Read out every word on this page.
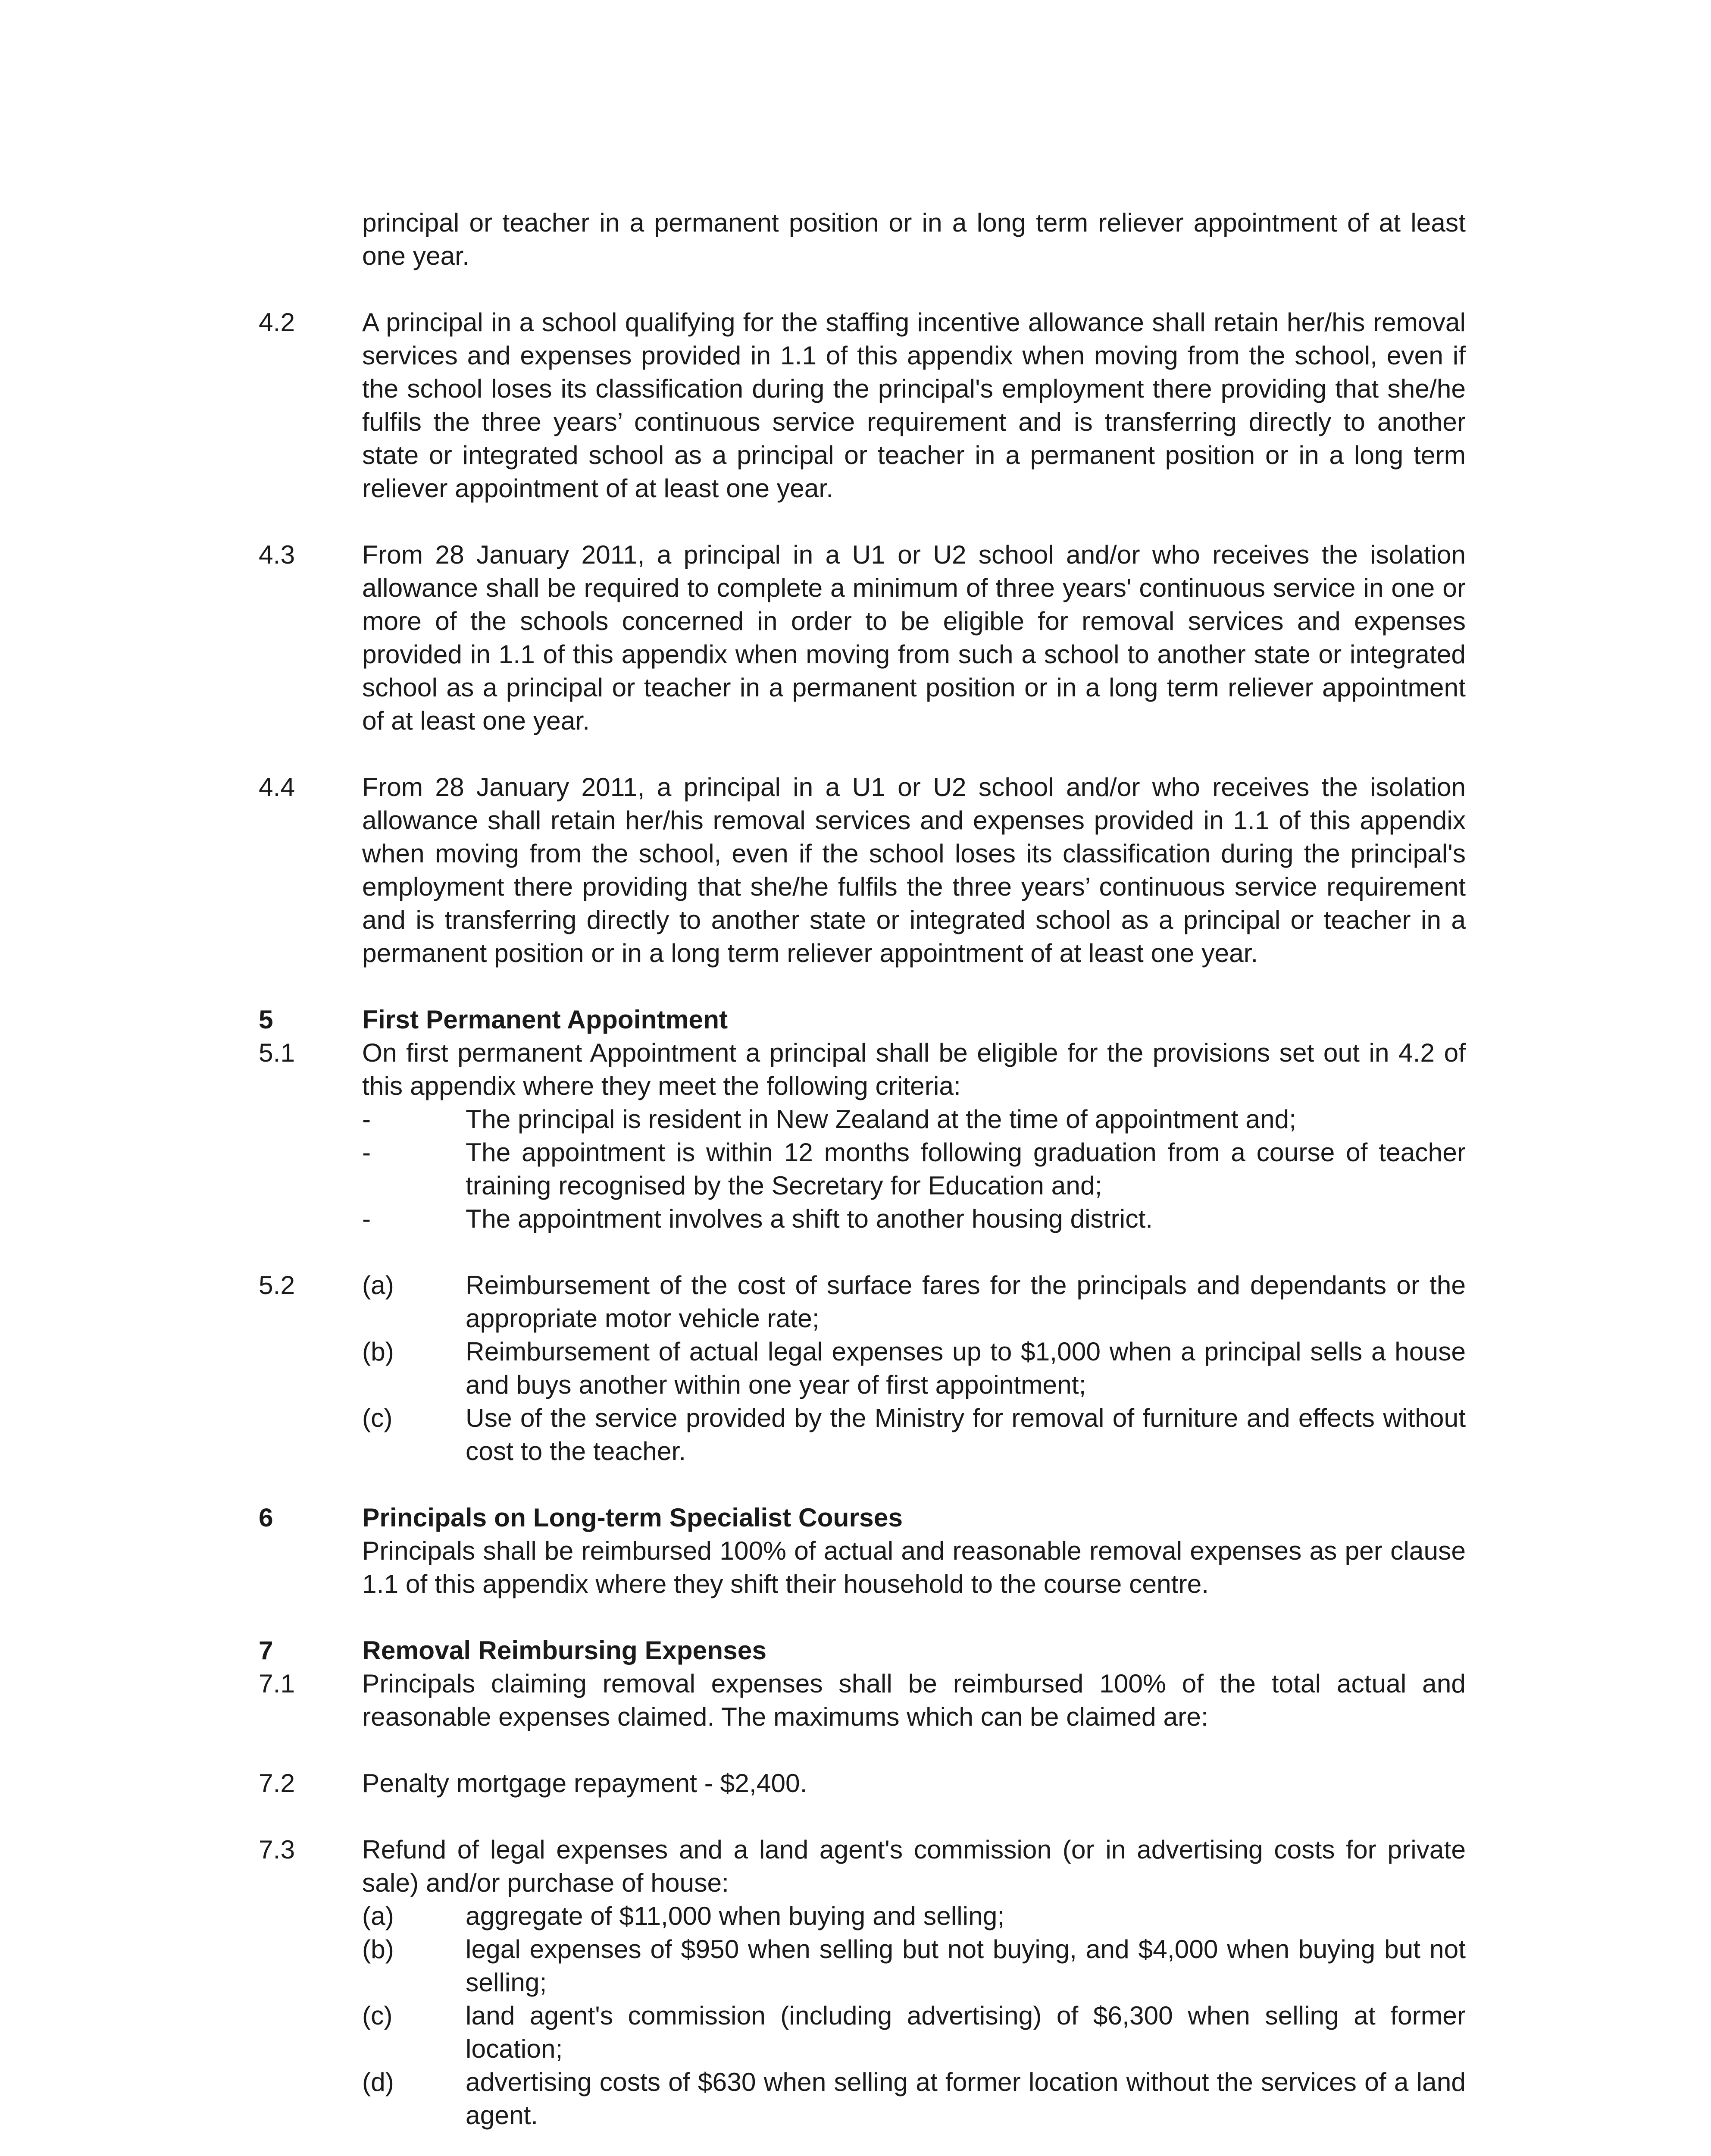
principal or teacher in a permanent position or in a long term reliever appointment of at least one year.
4.2	A principal in a school qualifying for the staffing incentive allowance shall retain her/his removal services and expenses provided in 1.1 of this appendix when moving from the school, even if the school loses its classification during the principal's employment there providing that she/he fulfils the three years’ continuous service requirement and is transferring directly to another state or integrated school as a principal or teacher in a permanent position or in a long term reliever appointment of at least one year.
4.3	From 28 January 2011, a principal in a U1 or U2 school and/or who receives the isolation allowance shall be required to complete a minimum of three years' continuous service in one or more of the schools concerned in order to be eligible for removal services and expenses provided in 1.1 of this appendix when moving from such a school to another state or integrated school as a principal or teacher in a permanent position or in a long term reliever appointment of at least one year.
4.4	From 28 January 2011, a principal in a U1 or U2 school and/or who receives the isolation allowance shall retain her/his removal services and expenses provided in 1.1 of this appendix when moving from the school, even if the school loses its classification during the principal's employment there providing that she/he fulfils the three years’ continuous service requirement and is transferring directly to another state or integrated school as a principal or teacher in a permanent position or in a long term reliever appointment of at least one year.
5	First Permanent Appointment
5.1	On first permanent Appointment a principal shall be eligible for the provisions set out in 4.2 of this appendix where they meet the following criteria:
-	The principal is resident in New Zealand at the time of appointment and;
-	The appointment is within 12 months following graduation from a course of teacher training recognised by the Secretary for Education and;
-	The appointment involves a shift to another housing district.
5.2	(a)	Reimbursement of the cost of surface fares for the principals and dependants or the appropriate motor vehicle rate;
(b)	Reimbursement of actual legal expenses up to $1,000 when a principal sells a house and buys another within one year of first appointment;
(c)	Use of the service provided by the Ministry for removal of furniture and effects without cost to the teacher.
6	Principals on Long-term Specialist Courses
Principals shall be reimbursed 100% of actual and reasonable removal expenses as per clause 1.1 of this appendix where they shift their household to the course centre.
7	Removal Reimbursing Expenses
7.1	Principals claiming removal expenses shall be reimbursed 100% of the total actual and reasonable expenses claimed. The maximums which can be claimed are:
7.2	Penalty mortgage repayment - $2,400.
7.3	Refund of legal expenses and a land agent's commission (or in advertising costs for private sale) and/or purchase of house:
(a)	aggregate of $11,000 when buying and selling;
(b)	legal expenses of $950 when selling but not buying, and $4,000 when buying but not selling;
(c)	land agent's commission (including advertising) of $6,300 when selling at former location;
(d)	advertising costs of $630 when selling at former location without the services of a land agent.
